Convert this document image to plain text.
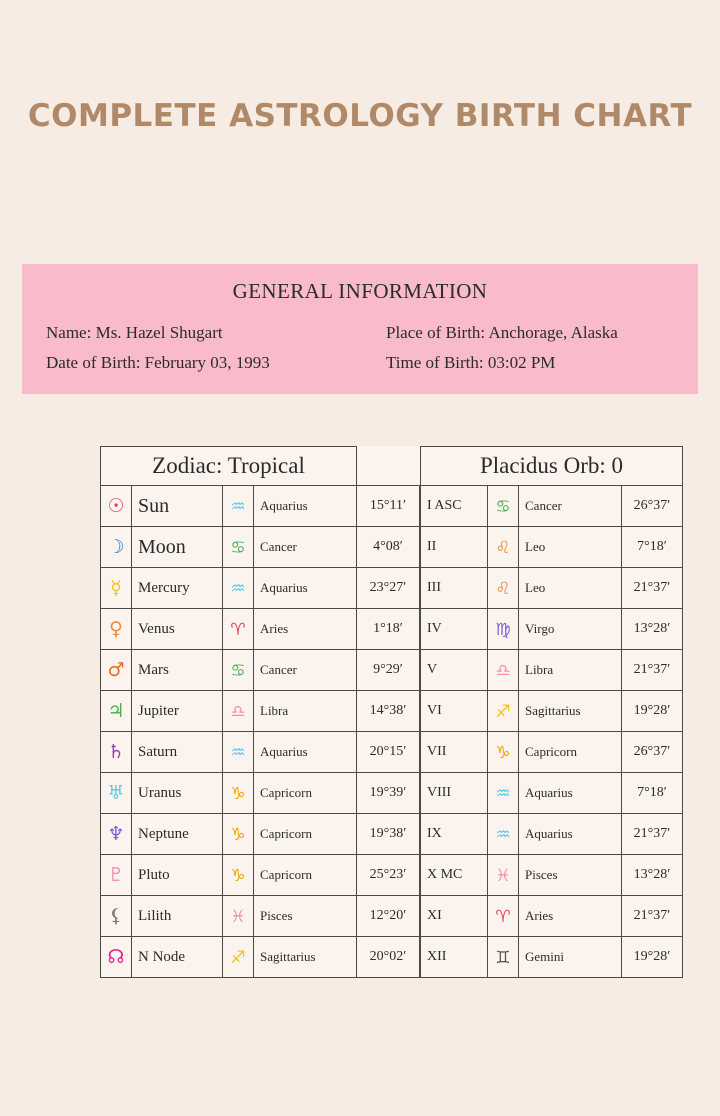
COMPLETE ASTROLOGY BIRTH CHART
GENERAL INFORMATION
Name: Ms. Hazel Shugart	Place of Birth: Anchorage, Alaska
Date of Birth: February 03, 1993	Time of Birth: 03:02 PM
Zodiac: Tropical				
☉	Sun	♒	Aquarius	15°11′
☽	Moon	♋	Cancer	4°08′
☿	Mercury	♒	Aquarius	23°27′
♀	Venus	♈	Aries	1°18′
♂	Mars	♋	Cancer	9°29′
♃	Jupiter	♎	Libra	14°38′
♄	Saturn	♒	Aquarius	20°15′
♅	Uranus	♑	Capricorn	19°39′
♆	Neptune	♑	Capricorn	19°38′
♇	Pluto	♑	Capricorn	25°23′
⚸	Lilith	♓	Pisces	12°20′
☊	N Node	♐	Sagittarius	20°02′
Placidus Orb: 0			
I ASC	♋	Cancer	26°37′
II	♌	Leo	7°18′
III	♌	Leo	21°37′
IV	♍	Virgo	13°28′
V	♎	Libra	21°37′
VI	♐	Sagittarius	19°28′
VII	♑	Capricorn	26°37′
VIII	♒	Aquarius	7°18′
IX	♒	Aquarius	21°37′
X MC	♓	Pisces	13°28′
XI	♈	Aries	21°37′
XII	♊	Gemini	19°28′
